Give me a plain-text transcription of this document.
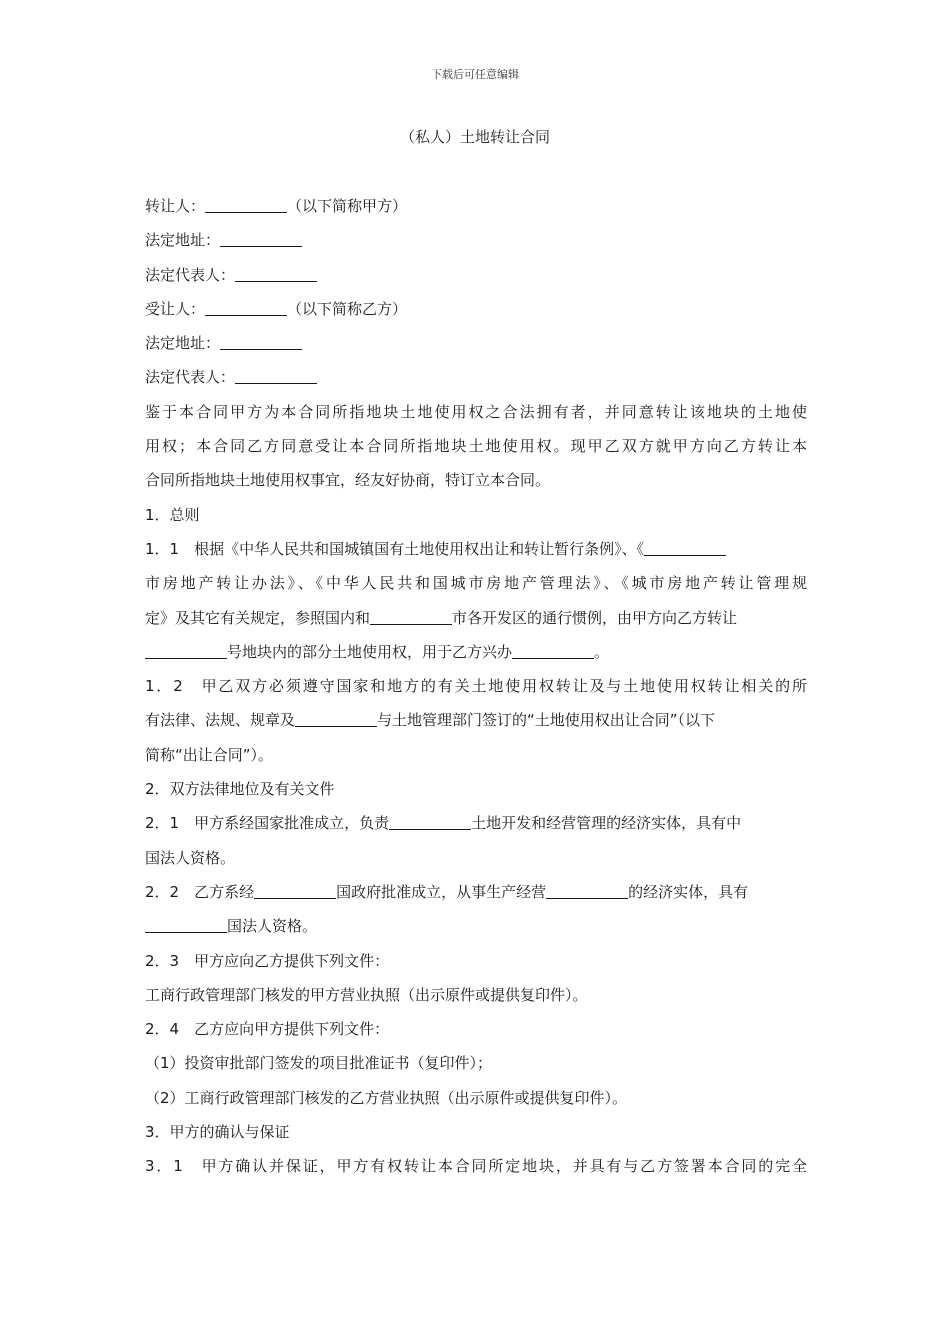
下载后可任意编辑
（私人）土地转让合同
转让人：	（以下简称甲方）
法定地址：
法定代表人：
受让人：	（以下简称乙方）
法定地址：
法定代表人：
鉴于本合同甲方为本合同所指地块土地使用权之合法拥有者，并同意转让该地块的土地使
用权；本合同乙方同意受让本合同所指地块土地使用权。现甲乙双方就甲方向乙方转让本
合同所指地块土地使用权事宜，经友好协商，特订立本合同。
1．总则
1．1　根据《中华人民共和国城镇国有土地使用权出让和转让暂行条例》、《
市房地产转让办法》、《中华人民共和国城市房地产管理法》、《城市房地产转让管理规
定》及其它有关规定，参照国内和	市各开发区的通行惯例，由甲方向乙方转让
号地块内的部分土地使用权，用于乙方兴办	。
1．2　甲乙双方必须遵守国家和地方的有关土地使用权转让及与土地使用权转让相关的所
有法律、法规、规章及	与土地管理部门签订的“土地使用权出让合同”（以下
简称“出让合同”）。
2．双方法律地位及有关文件
2．1　甲方系经国家批准成立，负责	土地开发和经营管理的经济实体，具有中
国法人资格。
2．2　乙方系经	国政府批准成立，从事生产经营	的经济实体，具有
国法人资格。
2．3　甲方应向乙方提供下列文件：
工商行政管理部门核发的甲方营业执照（出示原件或提供复印件）。
2．4　乙方应向甲方提供下列文件：
（1）投资审批部门签发的项目批准证书（复印件）；
（2）工商行政管理部门核发的乙方营业执照（出示原件或提供复印件）。
3．甲方的确认与保证
3．1　甲方确认并保证，甲方有权转让本合同所定地块，并具有与乙方签署本合同的完全
